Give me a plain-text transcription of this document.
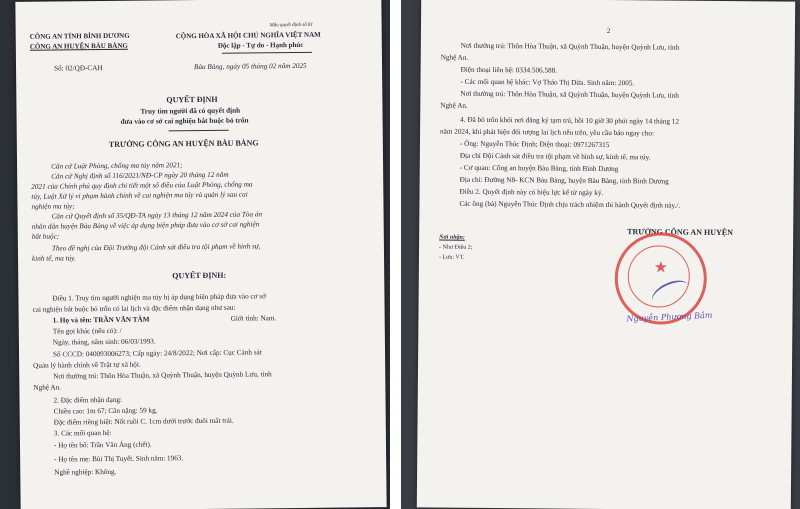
CÔNG AN TỈNH BÌNH DƯƠNG
CÔNG AN HUYỆN BÀU BÀNG
Số: 02/QĐ-CAH
Mẫu quyết định số 81
CỘNG HÒA XÃ HỘI CHỦ NGHĨA VIỆT NAM
Độc lập - Tự do - Hạnh phúc
Bàu Bàng, ngày 05 tháng 02 năm 2025
QUYẾT ĐỊNH
Truy tìm người đã có quyết định
đưa vào cơ sở cai nghiện bắt buộc bỏ trốn
TRƯỞNG CÔNG AN HUYỆN BÀU BÀNG
Căn cứ Luật Phòng, chống ma túy năm 2021;
Căn cứ Nghị định số 116/2021/NĐ-CP ngày 20 tháng 12 năm
2021 của Chính phủ quy định chi tiết một số điều của Luật Phòng, chống ma
túy, Luật Xử lý vi phạm hành chính về cai nghiện ma túy và quản lý sau cai
nghiện ma túy;
Căn cứ Quyết định số 35/QĐ-TA ngày 13 tháng 12 năm 2024 của Tòa án
nhân dân huyện Bàu Bàng về việc áp dụng biện pháp đưa vào cơ sở cai nghiện
bắt buộc;
Theo đề nghị của Đội Trưởng đội Cảnh sát điều tra tội phạm về hình sự,
kinh tế, ma túy.
QUYẾT ĐỊNH:
Điều 1. Truy tìm người nghiện ma túy bị áp dụng biện pháp đưa vào cơ sở
cai nghiện bắt buộc bỏ trốn có lai lịch và đặc điểm nhận dạng như sau:
1. Họ và tên: TRẦN VĂN TÂM	Giới tính: Nam.
Tên gọi khác (nếu có): /
Ngày, tháng, năm sinh: 06/03/1993.
Số CCCD: 040093006273; Cấp ngày: 24/8/2022; Nơi cấp: Cục Cảnh sát
Quản lý hành chính về Trật tự xã hội.
Nơi thường trú: Thôn Hòa Thuận, xã Quỳnh Thuận, huyện Quỳnh Lưu, tỉnh
Nghệ An.
2. Đặc điểm nhận dạng:
Chiều cao: 1m 67; Cân nặng: 59 kg.
Đặc điểm riêng biệt: Nốt ruồi C. 1cm dưới trước đuôi mắt trái.
3. Các mối quan hệ:
- Họ tên bố: Trần Văn Ảng (chết).
- Họ tên mẹ: Bùi Thị Tuyết. Sinh năm: 1963.
Nghề nghiệp: Không.
2
Nơi thường trú: Thôn Hòa Thuận, xã Quỳnh Thuận, huyện Quỳnh Lưu, tỉnh
Nghệ An.
Điện thoại liên hệ: 0334.506.588.
- Các mối quan hệ khác: Vợ Thảo Thị Dừa. Sinh năm: 2005.
Nơi thường trú: Thôn Hòa Thuận, xã Quỳnh Thuận, huyện Quỳnh Lưu, tỉnh
Nghệ An.
4. Đã bỏ trốn khỏi nơi đăng ký tạm trú, hồi 10 giờ 30 phút ngày 14 tháng 12
năm 2024, khi phát hiện đối tượng lai lịch nêu trên, yêu cầu báo ngay cho:
- Ông: Nguyễn Thúc Định; Điện thoại: 0971267315
Địa chỉ Đội Cảnh sát điều tra tội phạm về hình sự, kinh tế, ma túy.
- Cơ quan: Công an huyện Bàu Bàng, tỉnh Bình Dương
Địa chỉ: Đường N8- KCN Bàu Bàng, huyện Bàu Bàng, tỉnh Bình Dương
Điều 2. Quyết định này có hiệu lực kể từ ngày ký.
Các ông (bà) Nguyễn Thúc Định chịu trách nhiệm thi hành Quyết định này./.
Nơi nhận:
- Như Điều 2;
- Lưu: VT.
TRƯỞNG CÔNG AN HUYỆN
★
Nguyễn Phương Bắm
